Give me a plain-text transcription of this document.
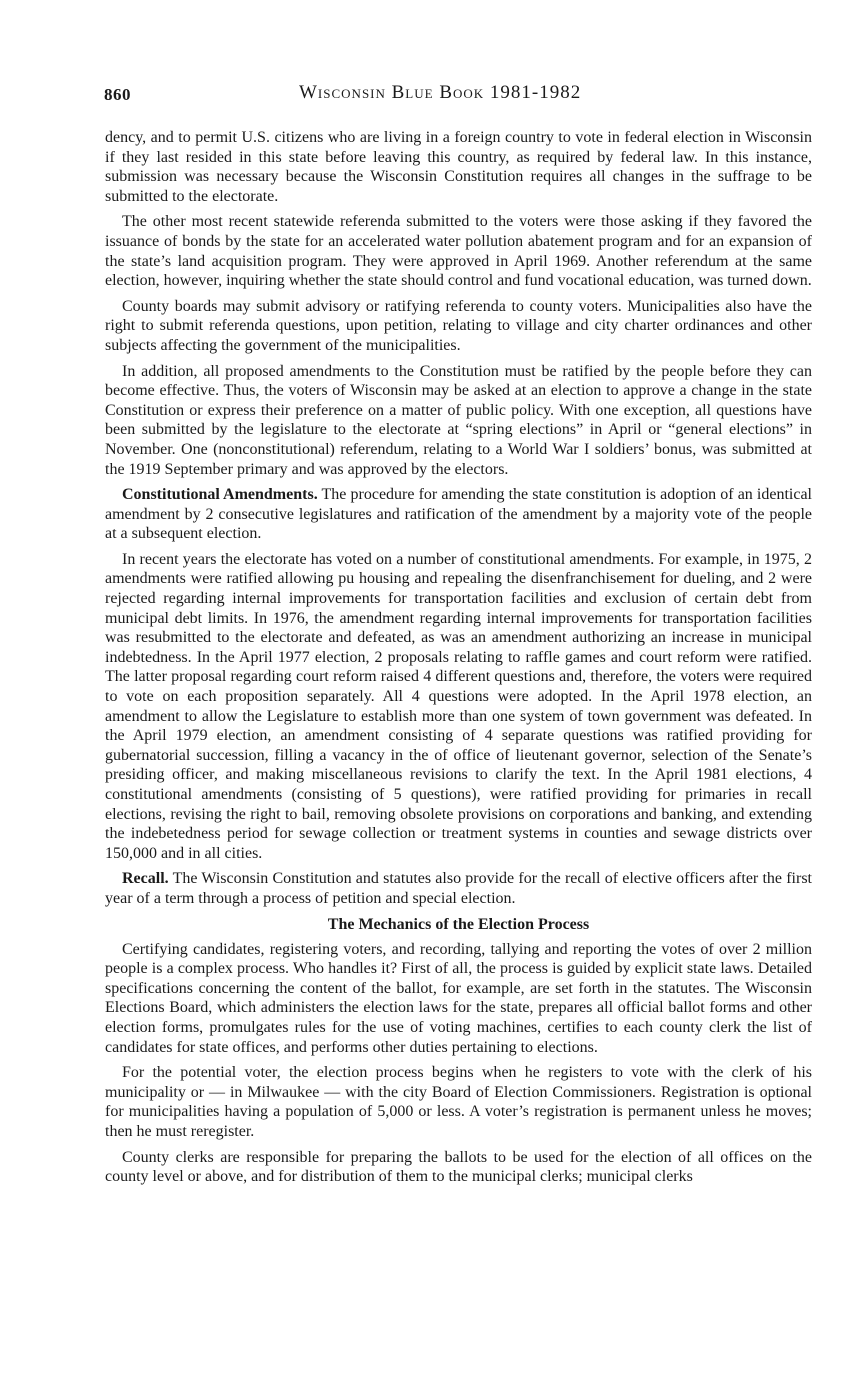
860	Wisconsin Blue Book 1981-1982

dency, and to permit U.S. citizens who are living in a foreign country to vote in federal election in Wisconsin if they last resided in this state before leaving this country, as required by federal law. In this instance, submission was necessary because the Wisconsin Constitution requires all changes in the suffrage to be submitted to the electorate.

The other most recent statewide referenda submitted to the voters were those asking if they favored the issuance of bonds by the state for an accelerated water pollution abatement program and for an expansion of the state’s land acquisition program. They were approved in April 1969. Another referendum at the same election, however, inquiring whether the state should control and fund vocational education, was turned down.

County boards may submit advisory or ratifying referenda to county voters. Municipalities also have the right to submit referenda questions, upon petition, relating to village and city charter ordinances and other subjects affecting the government of the municipalities.

In addition, all proposed amendments to the Constitution must be ratified by the people before they can become effective. Thus, the voters of Wisconsin may be asked at an election to approve a change in the state Constitution or express their preference on a matter of public policy. With one exception, all questions have been submitted by the legislature to the electorate at “spring elections” in April or “general elections” in November. One (nonconstitutional) referendum, relating to a World War I soldiers’ bonus, was submitted at the 1919 September primary and was approved by the electors.

Constitutional Amendments. The procedure for amending the state constitution is adoption of an identical amendment by 2 consecutive legislatures and ratification of the amendment by a majority vote of the people at a subsequent election.

In recent years the electorate has voted on a number of constitutional amendments. For example, in 1975, 2 amendments were ratified allowing pu housing and repealing the disenfranchisement for dueling, and 2 were rejected regarding internal improvements for transportation facilities and exclusion of certain debt from municipal debt limits. In 1976, the amendment regarding internal improvements for transportation facilities was resubmitted to the electorate and defeated, as was an amendment authorizing an increase in municipal indebtedness. In the April 1977 election, 2 proposals relating to raffle games and court reform were ratified. The latter proposal regarding court reform raised 4 different questions and, therefore, the voters were required to vote on each proposition separately. All 4 questions were adopted. In the April 1978 election, an amendment to allow the Legislature to establish more than one system of town government was defeated. In the April 1979 election, an amendment consisting of 4 separate questions was ratified providing for gubernatorial succession, filling a vacancy in the of office of lieutenant governor, selection of the Senate’s presiding officer, and making miscellaneous revisions to clarify the text. In the April 1981 elections, 4 constitutional amendments (consisting of 5 questions), were ratified providing for primaries in recall elections, revising the right to bail, removing obsolete provisions on corporations and banking, and extending the indebetedness period for sewage collection or treatment systems in counties and sewage districts over 150,000 and in all cities.

Recall. The Wisconsin Constitution and statutes also provide for the recall of elective officers after the first year of a term through a process of petition and special election.

The Mechanics of the Election Process

Certifying candidates, registering voters, and recording, tallying and reporting the votes of over 2 million people is a complex process. Who handles it? First of all, the process is guided by explicit state laws. Detailed specifications concerning the content of the ballot, for example, are set forth in the statutes. The Wisconsin Elections Board, which administers the election laws for the state, prepares all official ballot forms and other election forms, promulgates rules for the use of voting machines, certifies to each county clerk the list of candidates for state offices, and performs other duties pertaining to elections.

For the potential voter, the election process begins when he registers to vote with the clerk of his municipality or — in Milwaukee — with the city Board of Election Commissioners. Registration is optional for municipalities having a population of 5,000 or less. A voter’s registration is permanent unless he moves; then he must reregister.

County clerks are responsible for preparing the ballots to be used for the election of all offices on the county level or above, and for distribution of them to the municipal clerks; municipal clerks
